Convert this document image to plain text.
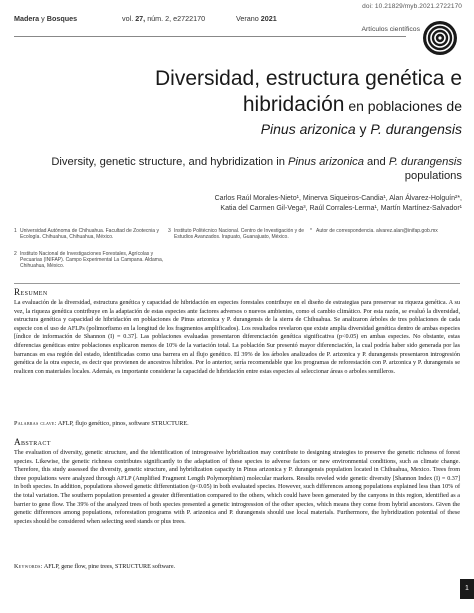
doi: 10.21829/myb.2021.2722170
Madera y Bosques	vol. 27, núm. 2, e2722170	Verano 2021
Artículos científicos
Diversidad, estructura genética e
hibridación en poblaciones de
Pinus arizonica y P. durangensis
Diversity, genetic structure, and hybridization in Pinus arizonica and P. durangensis populations
Carlos Raúl Morales-Nieto¹, Minerva Siqueiros-Candia¹, Alan Álvarez-Holguín²*,
Katia del Carmen Gil-Vega³, Raúl Corrales-Lerma¹, Martín Martínez-Salvador¹
1 Universidad Autónoma de Chihuahua. Facultad de Zootecnia y Ecología. Chihuahua, Chihuahua, México.
2 Instituto Nacional de Investigaciones Forestales, Agrícolas y Pecuarias (INIFAP). Campo Experimental La Campana. Aldama, Chihuahua, México.
3 Instituto Politécnico Nacional. Centro de Investigación y de Estudios Avanzados. Irapuato, Guanajuato, México.
* Autor de correspondencia. alvarez.alan@inifap.gob.mx
Resumen
La evaluación de la diversidad, estructura genética y capacidad de hibridación en especies forestales contribuye en el diseño de estrategias para preservar su riqueza genética. A su vez, la riqueza genética contribuye en la adaptación de estas especies ante factores adversos o nuevos ambientes, como el cambio climático. Por esta razón, se evaluó la diversidad, estructura genética y capacidad de hibridación en poblaciones de Pinus arizonica y P. durangensis de la sierra de Chihuahua. Se analizaron árboles de tres poblaciones de cada especie con el uso de AFLPs (polimorfismo en la longitud de los fragmentos amplificados). Los resultados revelaron que existe amplia diversidad genética dentro de ambas especies [índice de información de Shannon (I) = 0.37]. Las poblaciones evaluadas presentaron diferenciación genética significativa (p<0.05) en ambas especies. No obstante, estas diferencias genéticas entre poblaciones explicaron menos de 10% de la variación total. La población Sur presentó mayor diferenciación, la cual podría haber sido generada por las barrancas en esa región del estado, identificadas como una barrera en al flujo genético. El 39% de los árboles analizados de P. arizonica y P. durangensis presentaron introgresión genética de la otra especie, es decir que provienen de ancestros híbridos. Por lo anterior, sería recomendable que los programas de reforestación con P. arizonica y P. durangensis se realicen con materiales locales. Además, es importante considerar la capacidad de hibridación entre estas especies al seleccionar áreas o arboles semilleros.
Palabras clave: AFLP, flujo genético, pinos, software STRUCTURE.
Abstract
The evaluation of diversity, genetic structure, and the identification of introgressive hybridization may contribute to designing strategies to preserve the genetic richness of forest species. Likewise, the genetic richness contributes significantly to the adaptation of these species to adverse factors or new environmental conditions, such as climate change. Therefore, this study assessed the diversity, genetic structure, and hybridization capacity in Pinus arizonica y P. durangensis population located in Chihuahua, Mexico. Trees from three populations were analyzed through AFLP (Amplified Fragment Length Polymorphism) molecular markers. Results reveled wide genetic diversity [Shannon Index (I) = 0.37] in both species. In addition, populations showed genetic differentiation (p<0.05) in both evaluated species. However, such differences among populations explained less than 10% of the total variation. The southern population presented a greater differentiation compared to the others, which could have been generated by the canyons in this region, identified as a barrier to gene flow. The 39% of the analyzed trees of both species presented a genetic introgression of the other species, which means they come from hybrid ancestors. Given the genetic differences among populations, reforestation programs with P. arizonica and P. durangensis should use local materials. Furthermore, the hybridization potential of these species should be considered when selecting seed stands or plus trees.
Keywords: AFLP, gene flow, pine trees, STRUCTURE software.
1
